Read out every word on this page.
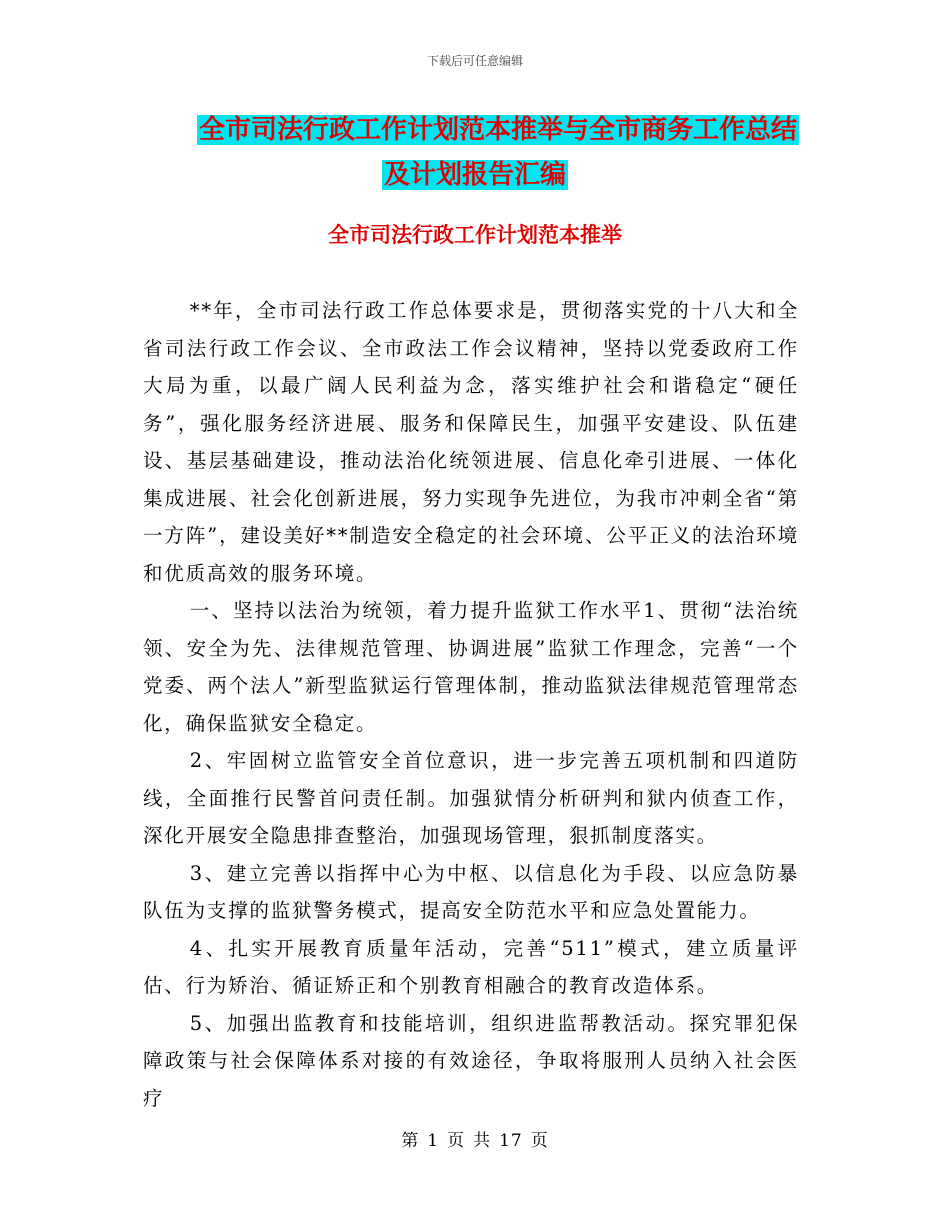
下载后可任意编辑
全市司法行政工作计划范本推举与全市商务工作总结
及计划报告汇编
全市司法行政工作计划范本推举

**年，全市司法行政工作总体要求是，贯彻落实党的十八大和全省司法行政工作会议、全市政法工作会议精神，坚持以党委政府工作大局为重，以最广阔人民利益为念，落实维护社会和谐稳定“硬任务”，强化服务经济进展、服务和保障民生，加强平安建设、队伍建设、基层基础建设，推动法治化统领进展、信息化牵引进展、一体化集成进展、社会化创新进展，努力实现争先进位，为我市冲刺全省“第一方阵”，建设美好**制造安全稳定的社会环境、公平正义的法治环境和优质高效的服务环境。

一、坚持以法治为统领，着力提升监狱工作水平1、贯彻“法治统领、安全为先、法律规范管理、协调进展”监狱工作理念，完善“一个党委、两个法人”新型监狱运行管理体制，推动监狱法律规范管理常态化，确保监狱安全稳定。

2、牢固树立监管安全首位意识，进一步完善五项机制和四道防线，全面推行民警首问责任制。加强狱情分析研判和狱内侦查工作，深化开展安全隐患排查整治，加强现场管理，狠抓制度落实。

3、建立完善以指挥中心为中枢、以信息化为手段、以应急防暴队伍为支撑的监狱警务模式，提高安全防范水平和应急处置能力。

4、扎实开展教育质量年活动，完善“511”模式，建立质量评估、行为矫治、循证矫正和个别教育相融合的教育改造体系。

5、加强出监教育和技能培训，组织进监帮教活动。探究罪犯保障政策与社会保障体系对接的有效途径，争取将服刑人员纳入社会医疗

第 1 页 共 17 页
